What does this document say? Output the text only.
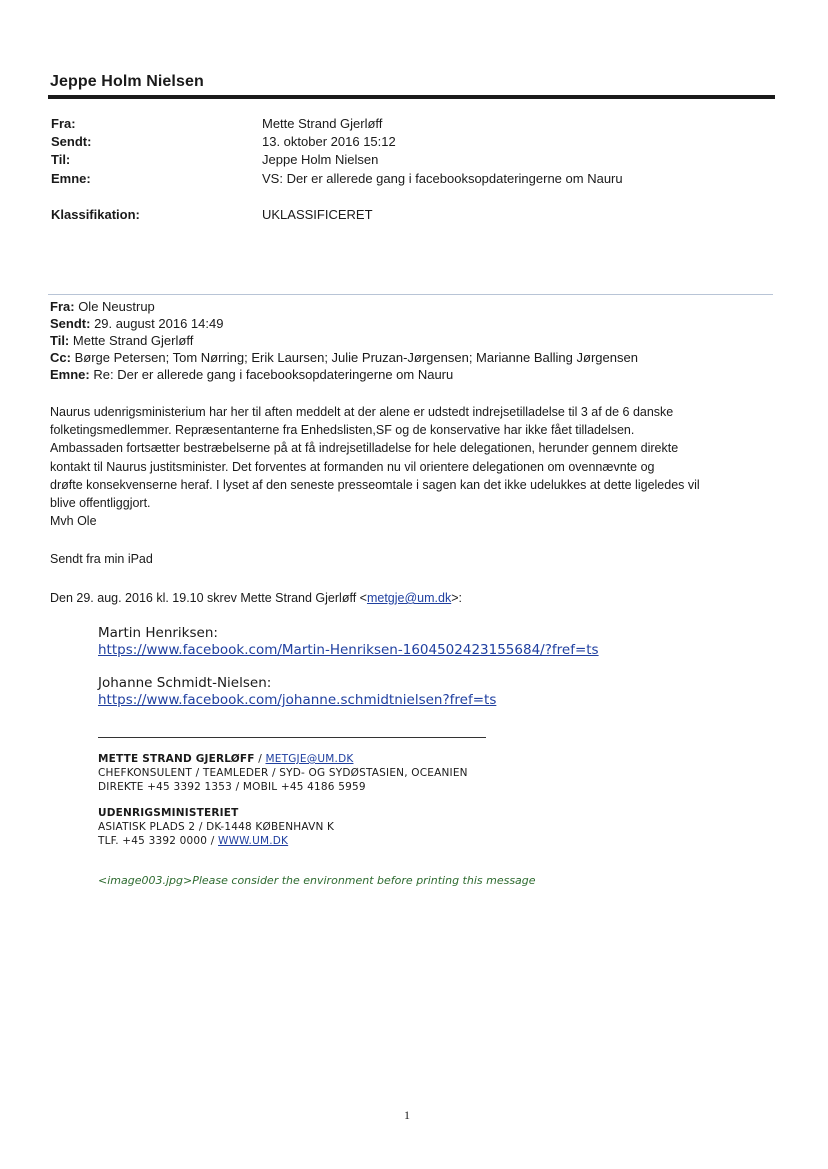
Jeppe Holm Nielsen
Fra:	Mette Strand Gjerløff
Sendt:	13. oktober 2016 15:12
Til:	Jeppe Holm Nielsen
Emne:	VS: Der er allerede gang i facebooksopdateringerne om Nauru
Klassifikation:	UKLASSIFICERET
Fra: Ole Neustrup
Sendt: 29. august 2016 14:49
Til: Mette Strand Gjerløff
Cc: Børge Petersen; Tom Nørring; Erik Laursen; Julie Pruzan-Jørgensen; Marianne Balling Jørgensen
Emne: Re: Der er allerede gang i facebooksopdateringerne om Nauru
Naurus udenrigsministerium har her til aften meddelt at der alene er udstedt indrejsetilladelse til 3 af de 6 danske
folketingsmedlemmer. Repræsentanterne fra Enhedslisten,SF og de konservative har ikke fået tilladelsen.
Ambassaden fortsætter bestræbelserne på at få indrejsetilladelse for hele delegationen, herunder gennem direkte
kontakt til Naurus justitsminister. Det forventes at formanden nu vil orientere delegationen om ovennævnte og
drøfte konsekvenserne heraf. I lyset af den seneste presseomtale i sagen kan det ikke udelukkes at dette ligeledes vil
blive offentliggjort.
Mvh Ole
Sendt fra min iPad
Den 29. aug. 2016 kl. 19.10 skrev Mette Strand Gjerløff <metgje@um.dk>:
Martin Henriksen:
https://www.facebook.com/Martin-Henriksen-1604502423155684/?fref=ts
Johanne Schmidt-Nielsen:
https://www.facebook.com/johanne.schmidtnielsen?fref=ts
METTE STRAND GJERLØFF / METGJE@UM.DK
CHEFKONSULENT / TEAMLEDER / SYD- OG SYDØSTASIEN, OCEANIEN
DIREKTE +45 3392 1353 / MOBIL +45 4186 5959
UDENRIGSMINISTERIET
ASIATISK PLADS 2 / DK-1448 KØBENHAVN K
TLF. +45 3392 0000 / WWW.UM.DK
<image003.jpg>Please consider the environment before printing this message
1
